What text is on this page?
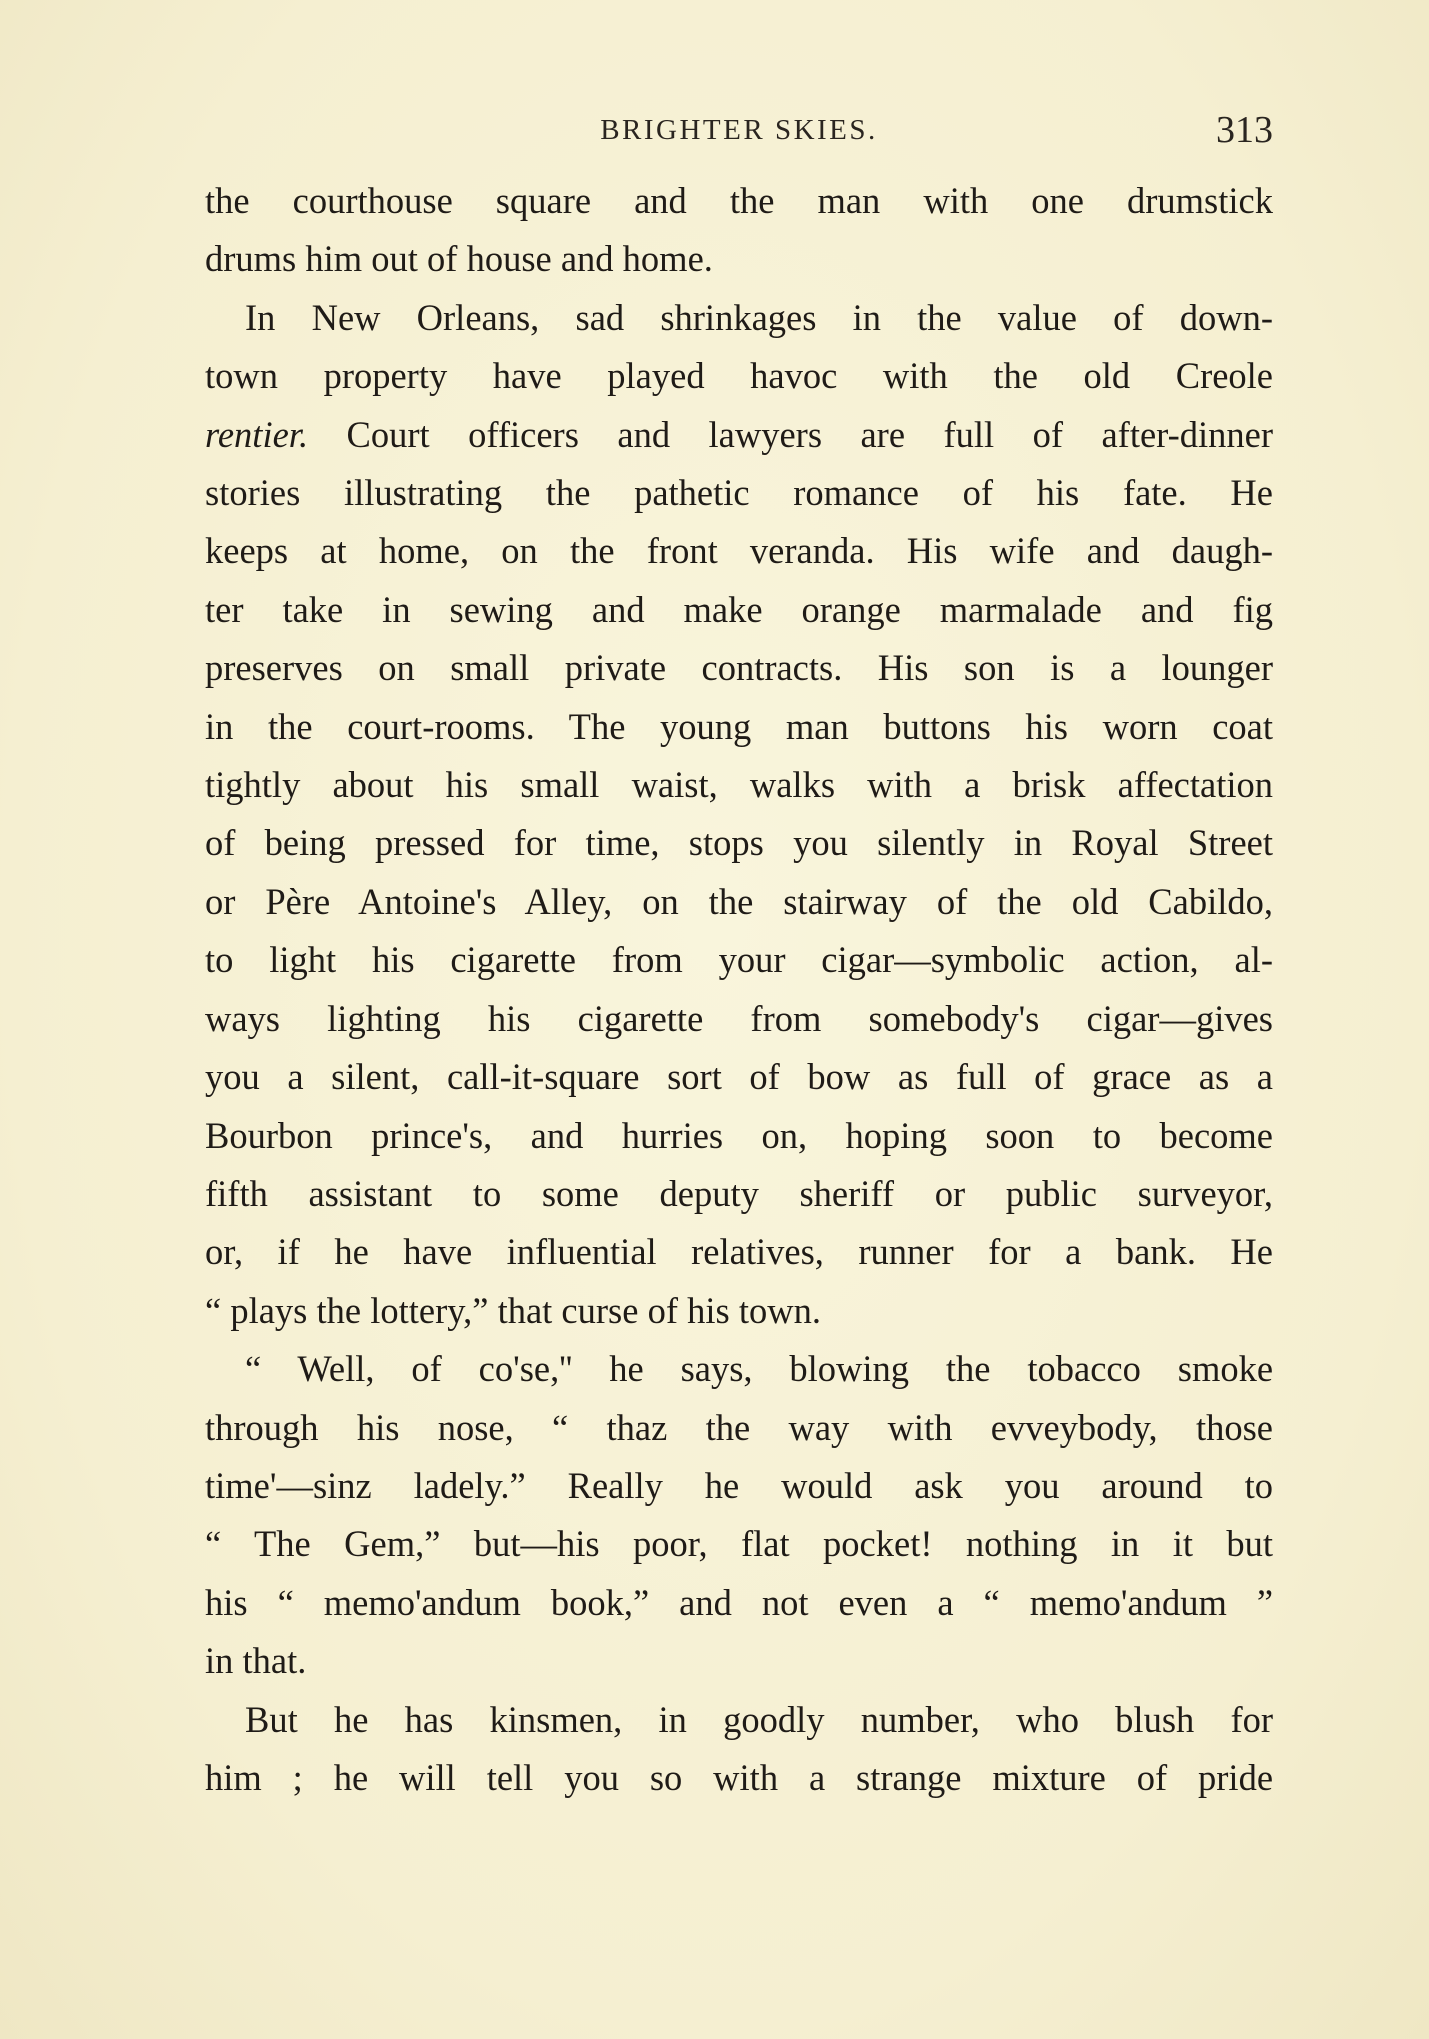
BRIGHTER SKIES.	313
the courthouse square and the man with one drumstick
drums him out of house and home.
In New Orleans, sad shrinkages in the value of down-
town property have played havoc with the old Creole
rentier. Court officers and lawyers are full of after-dinner
stories illustrating the pathetic romance of his fate. He
keeps at home, on the front veranda. His wife and daugh-
ter take in sewing and make orange marmalade and fig
preserves on small private contracts. His son is a lounger
in the court-rooms. The young man buttons his worn coat
tightly about his small waist, walks with a brisk affectation
of being pressed for time, stops you silently in Royal Street
or Père Antoine's Alley, on the stairway of the old Cabildo,
to light his cigarette from your cigar—symbolic action, al-
ways lighting his cigarette from somebody's cigar—gives
you a silent, call-it-square sort of bow as full of grace as a
Bourbon prince's, and hurries on, hoping soon to become
fifth assistant to some deputy sheriff or public surveyor,
or, if he have influential relatives, runner for a bank. He
“ plays the lottery,” that curse of his town.
“ Well, of co'se,'' he says, blowing the tobacco smoke
through his nose, “ thaz the way with evveybody, those
time'—sinz ladely.” Really he would ask you around to
“ The Gem,” but—his poor, flat pocket! nothing in it but
his “ memo'andum book,” and not even a “ memo'andum ”
in that.
But he has kinsmen, in goodly number, who blush for
him ; he will tell you so with a strange mixture of pride
